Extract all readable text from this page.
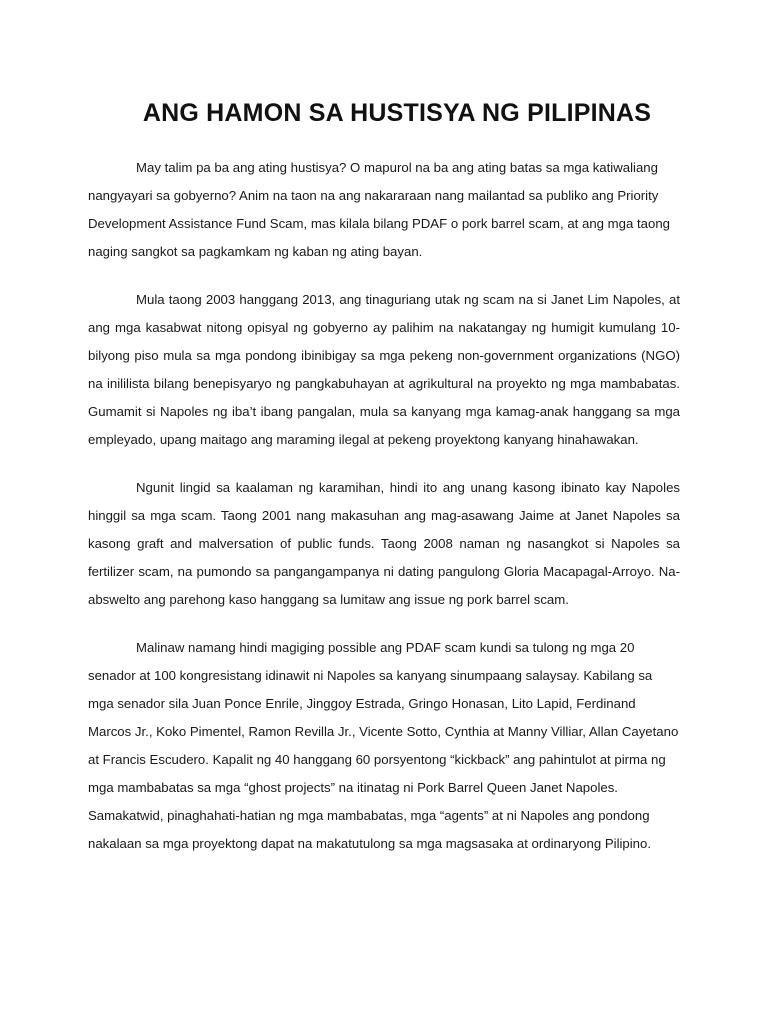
ANG HAMON SA HUSTISYA NG PILIPINAS

May talim pa ba ang ating hustisya? O mapurol na ba ang ating batas sa mga katiwaliang nangyayari sa gobyerno? Anim na taon na ang nakararaan nang mailantad sa publiko ang Priority Development Assistance Fund Scam, mas kilala bilang PDAF o pork barrel scam, at ang mga taong naging sangkot sa pagkamkam ng kaban ng ating bayan.

Mula taong 2003 hanggang 2013, ang tinaguriang utak ng scam na si Janet Lim Napoles, at ang mga kasabwat nitong opisyal ng gobyerno ay palihim na nakatangay ng humigit kumulang 10-bilyong piso mula sa mga pondong ibinibigay sa mga pekeng non-government organizations (NGO) na inililista bilang benepisyaryo ng pangkabuhayan at agrikultural na proyekto ng mga mambabatas. Gumamit si Napoles ng iba’t ibang pangalan, mula sa kanyang mga kamag-anak hanggang sa mga empleyado, upang maitago ang maraming ilegal at pekeng proyektong kanyang hinahawakan.

Ngunit lingid sa kaalaman ng karamihan, hindi ito ang unang kasong ibinato kay Napoles hinggil sa mga scam. Taong 2001 nang makasuhan ang mag-asawang Jaime at Janet Napoles sa kasong graft and malversation of public funds. Taong 2008 naman ng nasangkot si Napoles sa fertilizer scam, na pumondo sa pangangampanya ni dating pangulong Gloria Macapagal-Arroyo. Na-abswelto ang parehong kaso hanggang sa lumitaw ang issue ng pork barrel scam.

Malinaw namang hindi magiging possible ang PDAF scam kundi sa tulong ng mga 20 senador at 100 kongresistang idinawit ni Napoles sa kanyang sinumpaang salaysay. Kabilang sa mga senador sila Juan Ponce Enrile, Jinggoy Estrada, Gringo Honasan, Lito Lapid, Ferdinand Marcos Jr., Koko Pimentel, Ramon Revilla Jr., Vicente Sotto, Cynthia at Manny Villiar, Allan Cayetano at Francis Escudero. Kapalit ng 40 hanggang 60 porsyentong “kickback” ang pahintulot at pirma ng mga mambabatas sa mga “ghost projects” na itinatag ni Pork Barrel Queen Janet Napoles. Samakatwid, pinaghahati-hatian ng mga mambabatas, mga “agents” at ni Napoles ang pondong nakalaan sa mga proyektong dapat na makatutulong sa mga magsasaka at ordinaryong Pilipino.
